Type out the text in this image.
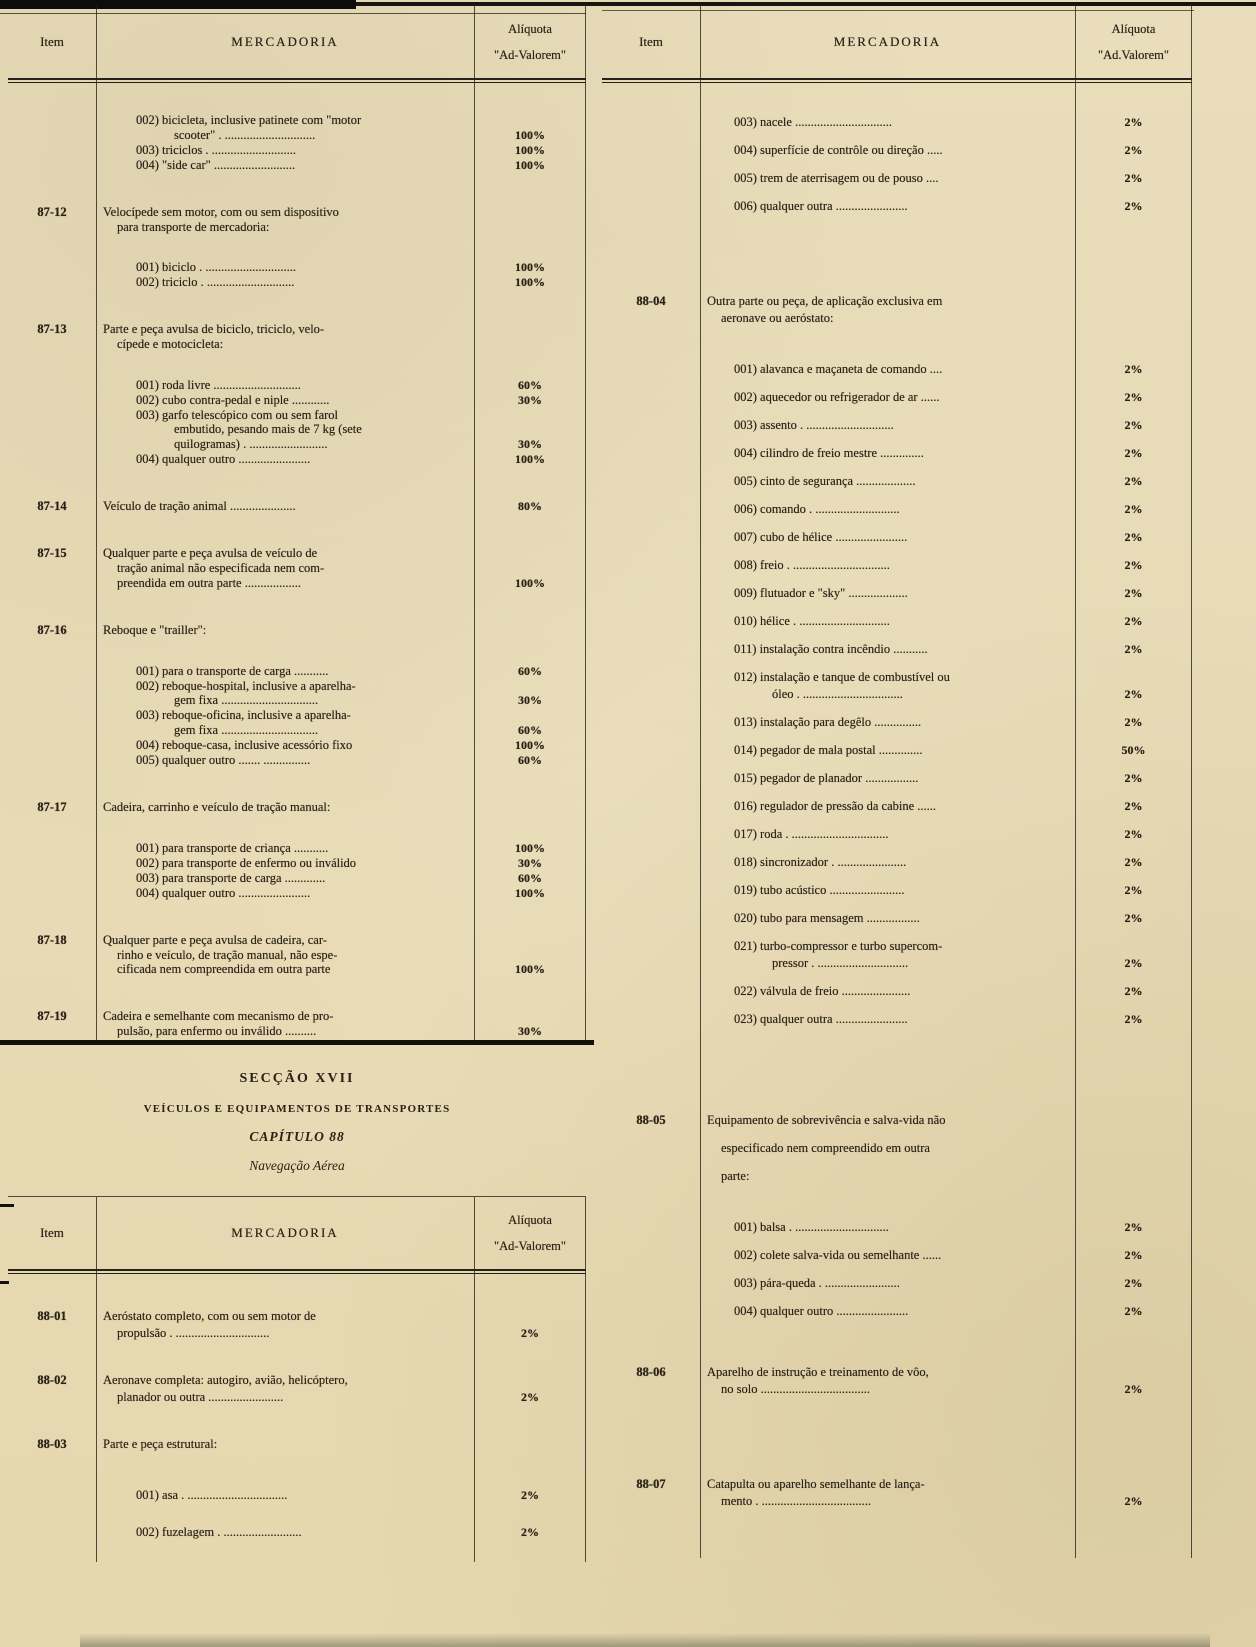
Item	MERCADORIA
Alíquota
"Ad-Valorem"
002) bicicleta, inclusive patinete com "motor
scooter" . .............................	100%
003) triciclos . ...........................	100%
004) "side car" ..........................	100%
87-12	Velocípede sem motor, com ou sem dispositivo
para transporte de mercadoria:
001) biciclo . .............................	100%
002) triciclo . ............................	100%
87-13	Parte e peça avulsa de biciclo, triciclo, velo-
cípede e motocicleta:
001) roda livre ............................	60%
002) cubo contra-pedal e niple ............	30%
003) garfo telescópico com ou sem farol
embutido, pesando mais de 7 kg (sete
quilogramas) . .........................	30%
004) qualquer outro .......................	100%
87-14	Veículo de tração animal .....................	80%
87-15	Qualquer parte e peça avulsa de veículo de
tração animal não especificada nem com-
preendida em outra parte ..................	100%
87-16	Reboque e "trailler":
001) para o transporte de carga ...........	60%
002) reboque-hospital, inclusive a aparelha-
gem fixa ...............................	30%
003) reboque-oficina, inclusive a aparelha-
gem fixa ...............................	60%
004) reboque-casa, inclusive acessório fixo	100%
005) qualquer outro ....... ...............	60%
87-17	Cadeira, carrinho e veículo de tração manual:
001) para transporte de criança ...........	100%
002) para transporte de enfermo ou inválido	30%
003) para transporte de carga .............	60%
004) qualquer outro .......................	100%
87-18	Qualquer parte e peça avulsa de cadeira, car-
rinho e veículo, de tração manual, não espe-
cificada nem compreendida em outra parte	100%
87-19	Cadeira e semelhante com mecanismo de pro-
pulsão, para enfermo ou inválido ..........	30%
SECÇÃO XVII
VEÍCULOS E EQUIPAMENTOS DE TRANSPORTES
CAPÍTULO 88
Navegação Aérea
Item	MERCADORIA
Alíquota
"Ad-Valorem"
88-01	Aeróstato completo, com ou sem motor de
propulsão . ..............................	2%
88-02	Aeronave completa: autogiro, avião, helicóptero,
planador ou outra ........................	2%
88-03	Parte e peça estrutural:
001) asa . ................................	2%
002) fuzelagem . .........................	2%
Item	MERCADORIA
Alíquota
"Ad.Valorem"
003) nacele ...............................	2%
004) superfície de contrôle ou direção .....	2%
005) trem de aterrisagem ou de pouso ....	2%
006) qualquer outra .......................	2%
88-04	Outra parte ou peça, de aplicação exclusiva em
aeronave ou aeróstato:
001) alavanca e maçaneta de comando ....	2%
002) aquecedor ou refrigerador de ar ......	2%
003) assento . ............................	2%
004) cilindro de freio mestre ..............	2%
005) cinto de segurança ...................	2%
006) comando . ...........................	2%
007) cubo de hélice .......................	2%
008) freio . ...............................	2%
009) flutuador e "sky" ...................	2%
010) hélice . .............................	2%
011) instalação contra incêndio ...........	2%
012) instalação e tanque de combustível ou
óleo . ................................	2%
013) instalação para degêlo ...............	2%
014) pegador de mala postal ..............	50%
015) pegador de planador .................	2%
016) regulador de pressão da cabine ......	2%
017) roda . ...............................	2%
018) sincronizador . ......................	2%
019) tubo acústico ........................	2%
020) tubo para mensagem .................	2%
021) turbo-compressor e turbo supercom-
pressor . .............................	2%
022) válvula de freio ......................	2%
023) qualquer outra .......................	2%
88-05	Equipamento de sobrevivência e salva-vida não
especificado nem compreendido em outra
parte:
001) balsa . ..............................	2%
002) colete salva-vida ou semelhante ......	2%
003) pára-queda . ........................	2%
004) qualquer outro .......................	2%
88-06	Aparelho de instrução e treinamento de vôo,
no solo ...................................	2%
88-07	Catapulta ou aparelho semelhante de lança-
mento . ...................................	2%
